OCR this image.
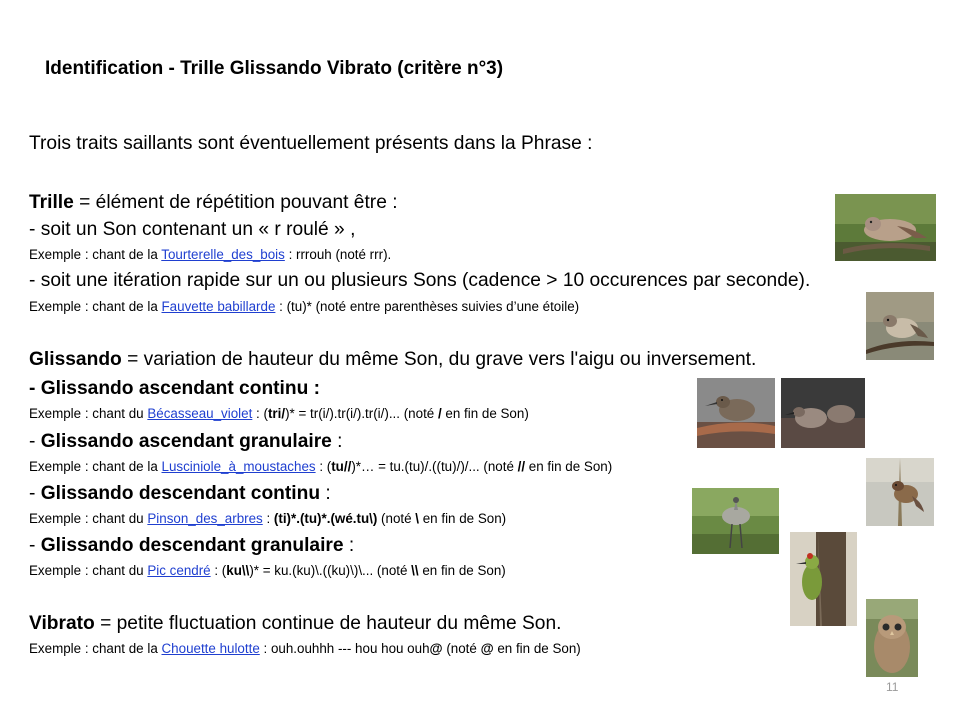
Identification - Trille Glissando Vibrato (critère n°3)
Trois traits saillants sont éventuellement présents dans la Phrase :
Trille = élément de répétition pouvant être :
- soit un Son contenant un « r roulé » ,
Exemple : chant de la Tourterelle_des_bois : rrrouh (noté rrr).
- soit une itération rapide sur un ou plusieurs Sons (cadence > 10 occurences par seconde).
Exemple : chant de la Fauvette babillarde : (tu)* (noté entre parenthèses suivies d’une étoile)
Glissando = variation de hauteur du même Son, du grave vers l'aigu ou inversement.
- Glissando ascendant continu :
Exemple : chant du Bécasseau_violet : (tri/)* = tr(i/).tr(i/).tr(i/)... (noté / en fin de Son)
- Glissando ascendant granulaire :
Exemple : chant de la Lusciniole_à_moustaches : (tu//)*… = tu.(tu)/.((tu)/)/... (noté // en fin de Son)
- Glissando descendant continu :
Exemple : chant du Pinson_des_arbres : (ti)*.(tu)*.(wé.tu\) (noté \ en fin de Son)
- Glissando descendant granulaire :
Exemple : chant du Pic cendré : (ku\\)* = ku.(ku)\.((ku)\)\... (noté \\ en fin de Son)
Vibrato = petite fluctuation continue de hauteur du même Son.
Exemple : chant de la Chouette hulotte : ouh.ouhhh --- hou hou ouh@ (noté @ en fin de Son)
11
